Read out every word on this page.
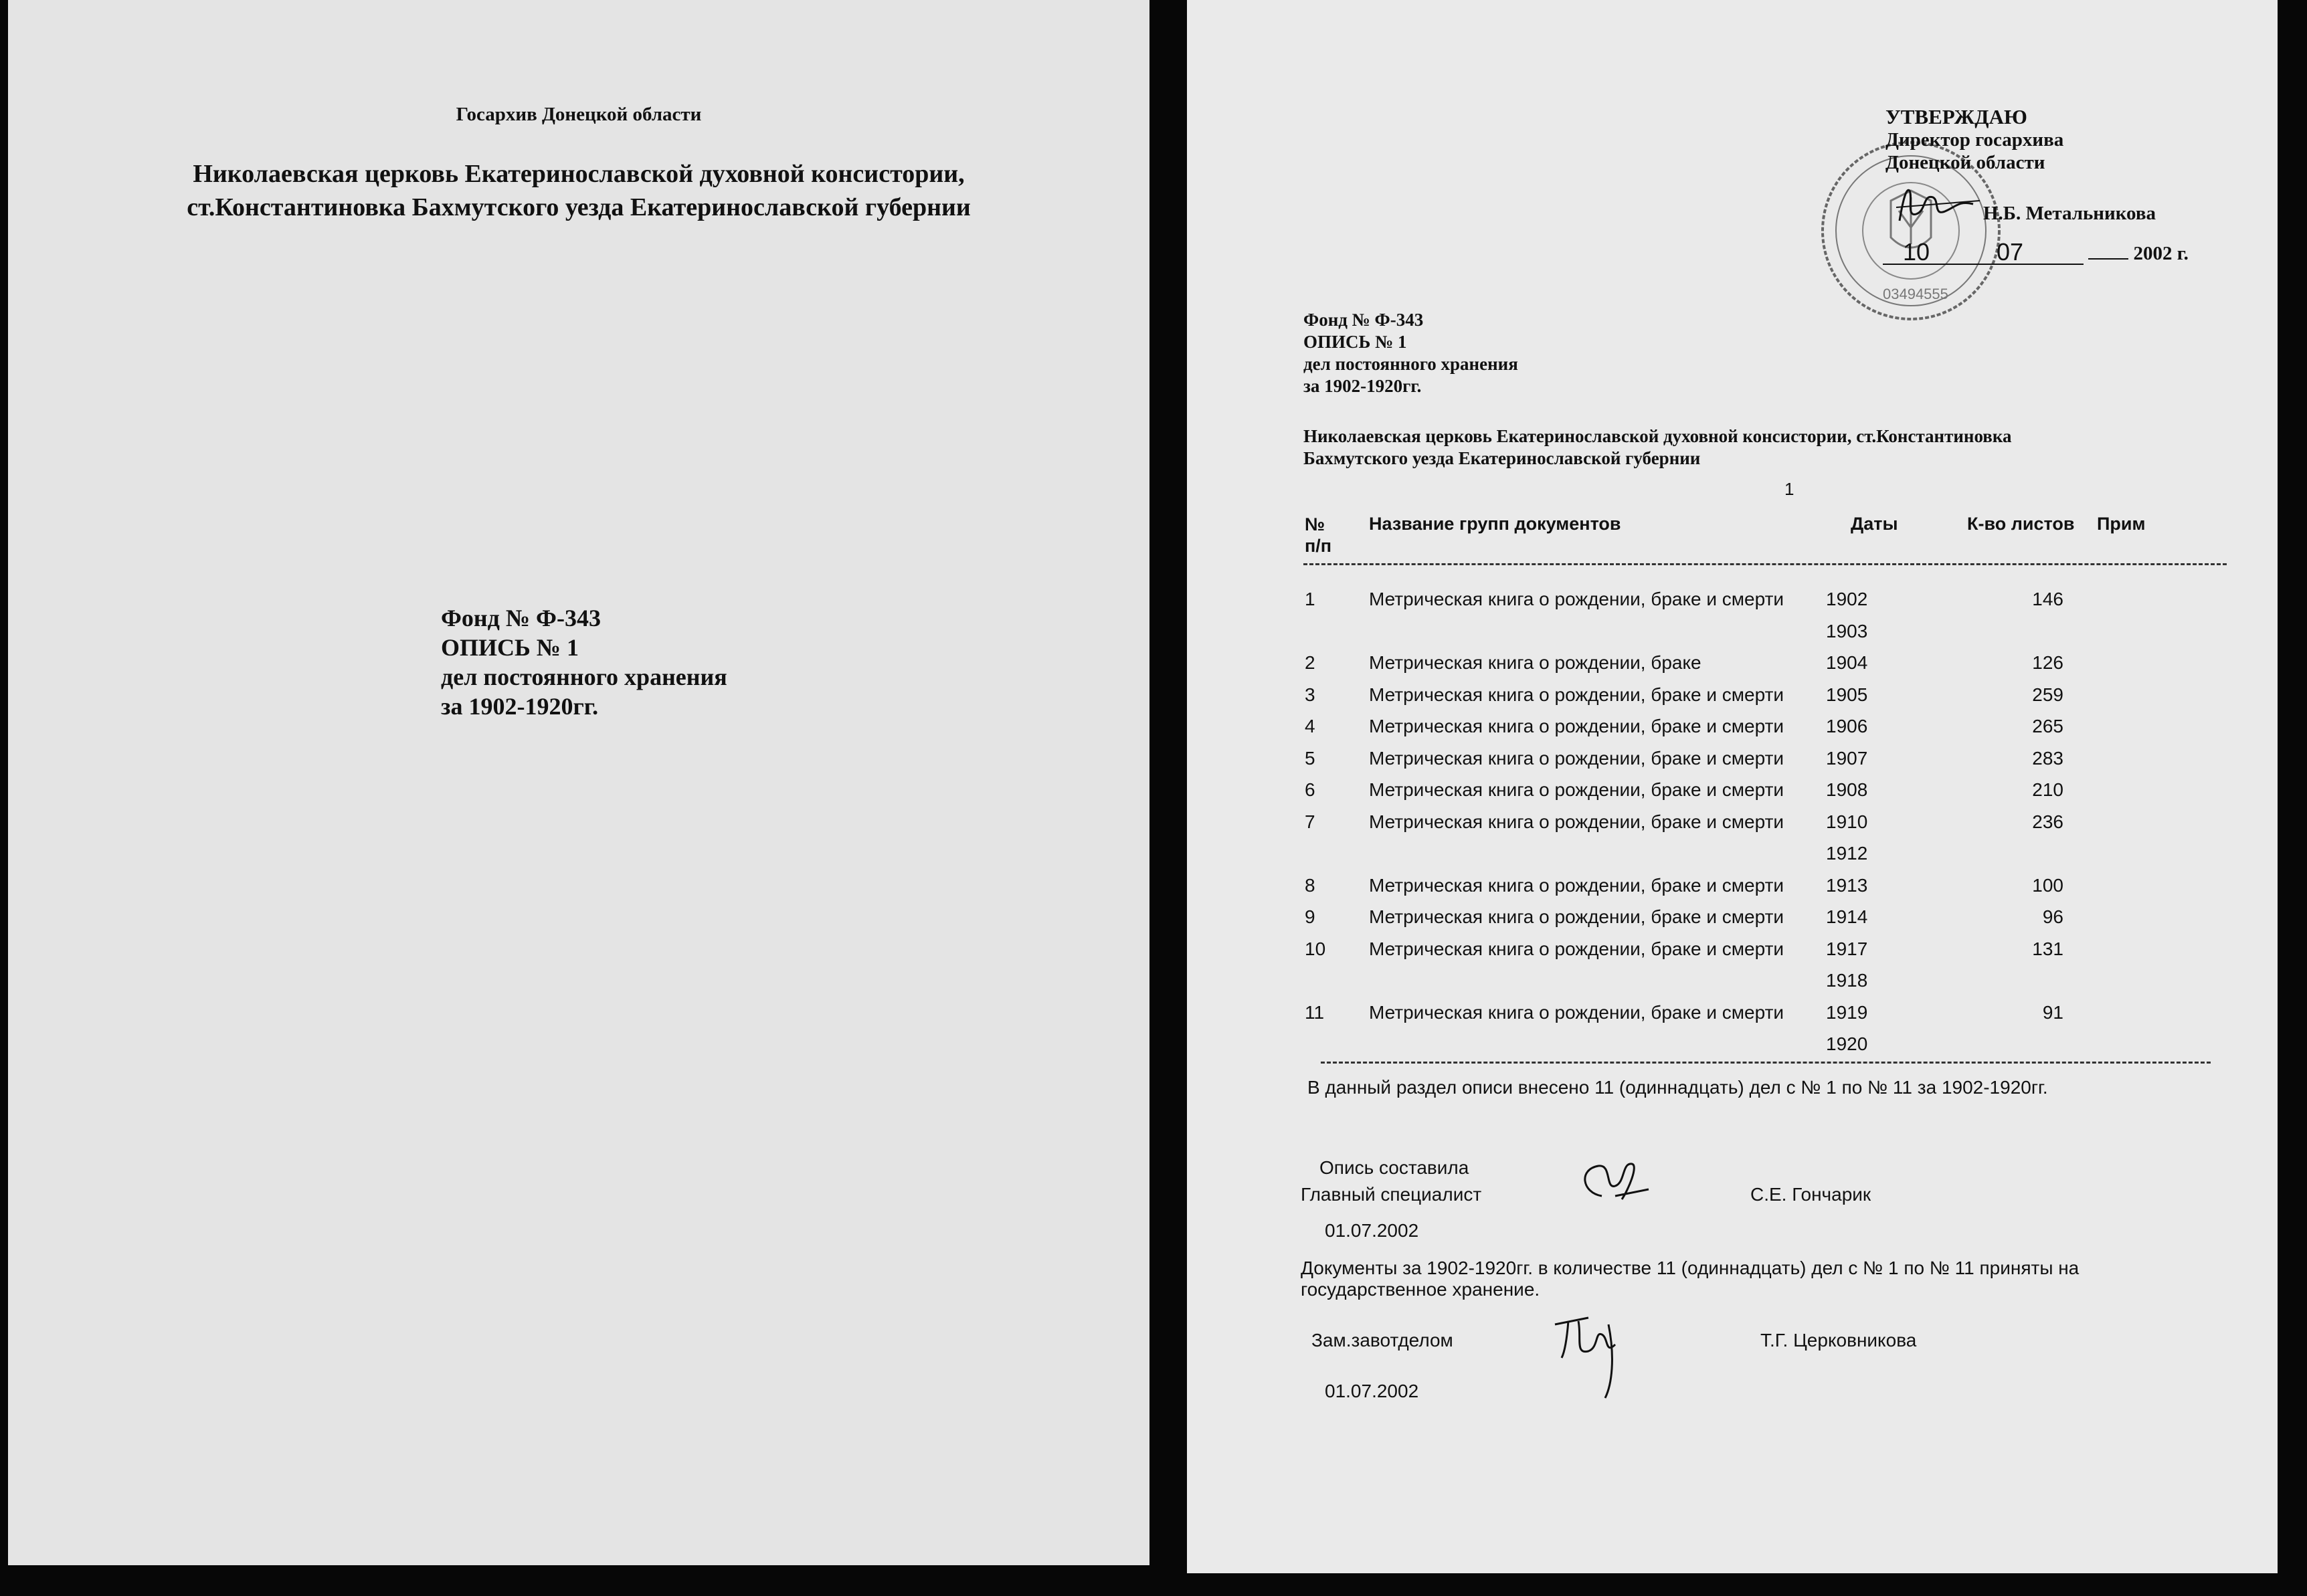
Госархив Донецкой области
Николаевская церковь Екатеринославской духовной консистории,
ст.Константиновка Бахмутского уезда Екатеринославской губернии
Фонд № Ф-343
ОПИСЬ № 1
дел постоянного хранения
за 1902-1920гг.
03494555
УТВЕРЖДАЮ
Директор госархива
Донецкой области
Н.Б. Метальникова
10	07	2002 г.
Фонд № Ф-343
ОПИСЬ № 1
дел постоянного хранения
за 1902-1920гг.
Николаевская церковь Екатеринославской духовной консистории, ст.Константиновка
Бахмутского уезда Екатеринославской губернии
1
№
п/п
Название групп документов	Даты	К-во листов Прим
1	Метрическая книга о рождении, браке и смерти 1902	146
1903
2	Метрическая книга о рождении, браке	1904	126
3	Метрическая книга о рождении, браке и смерти 1905	259
4	Метрическая книга о рождении, браке и смерти 1906	265
5	Метрическая книга о рождении, браке и смерти 1907	283
6	Метрическая книга о рождении, браке и смерти 1908	210
7	Метрическая книга о рождении, браке и смерти 1910	236
1912
8	Метрическая книга о рождении, браке и смерти 1913	100
9	Метрическая книга о рождении, браке и смерти 1914	96
10	Метрическая книга о рождении, браке и смерти 1917	131
1918
11	Метрическая книга о рождении, браке и смерти 1919	91
1920
В данный раздел описи внесено 11 (одиннадцать) дел с № 1 по № 11 за 1902-1920гг.
Опись составила
Главный специалист	С.Е. Гончарик
01.07.2002
Документы за 1902-1920гг. в количестве 11 (одиннадцать) дел с № 1 по № 11 приняты на государственное хранение.
Зам.завотделом	Т.Г. Церковникова
01.07.2002
